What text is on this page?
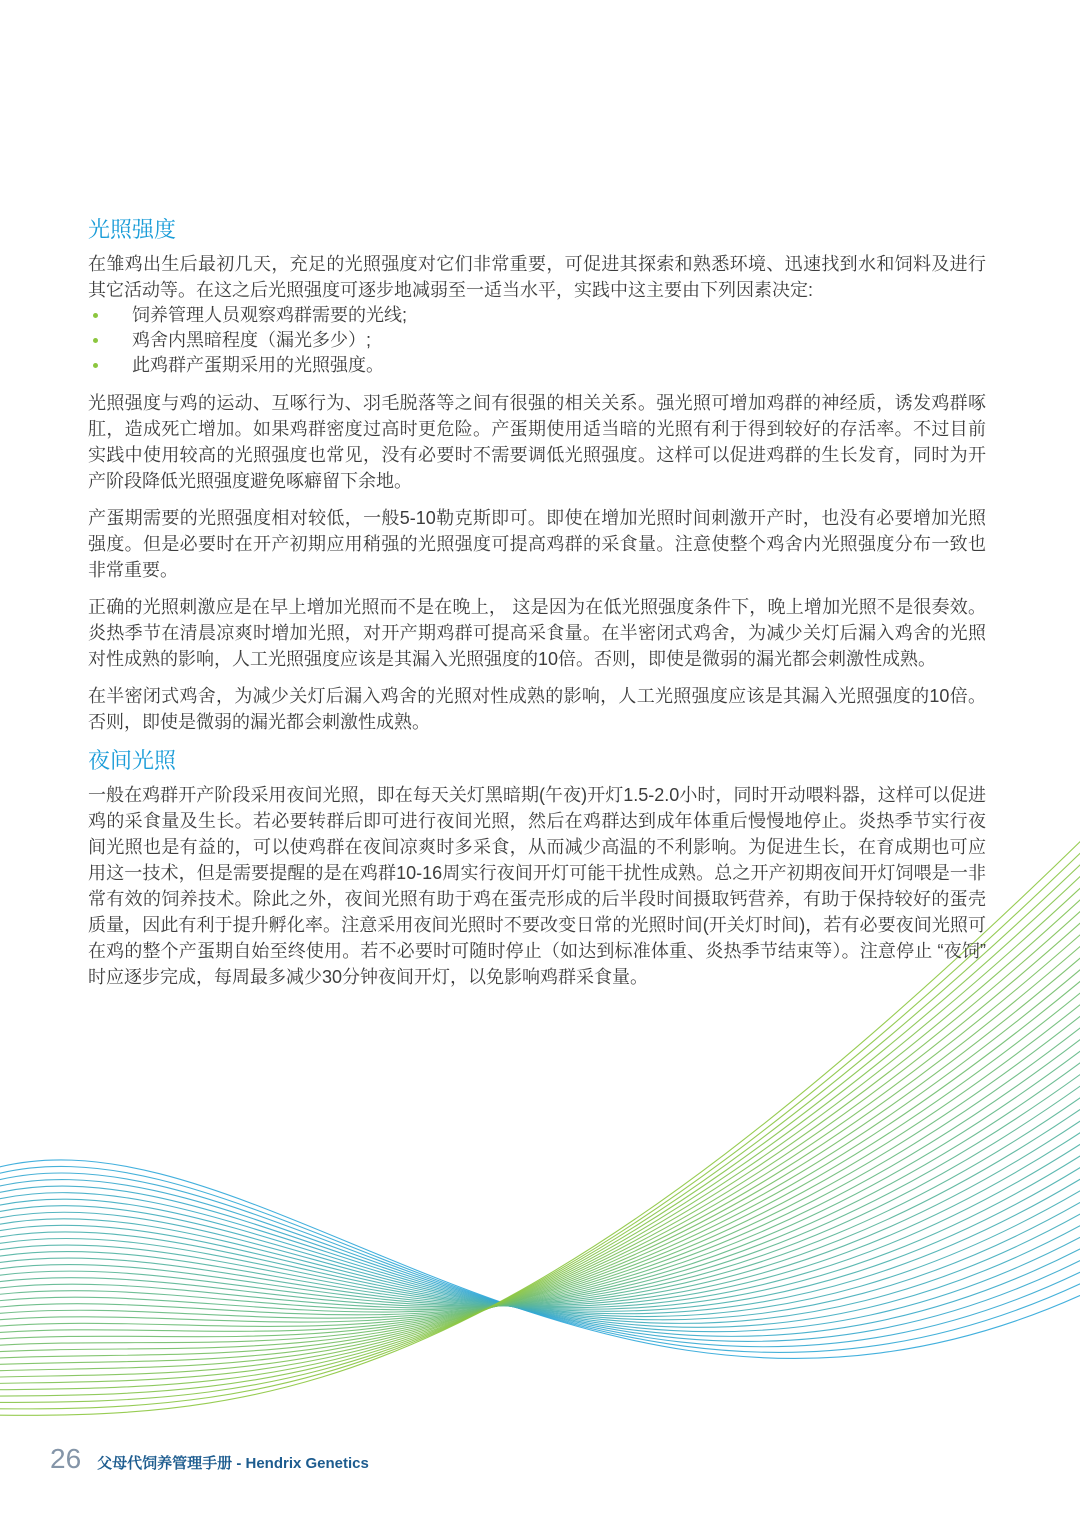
光照强度

在雏鸡出生后最初几天，充足的光照强度对它们非常重要，可促进其探索和熟悉环境、迅速找到水和饲料及进行其它活动等。在这之后光照强度可逐步地减弱至一适当水平，实践中这主要由下列因素决定:

饲养管理人员观察鸡群需要的光线;
鸡舍内黑暗程度（漏光多少）;
此鸡群产蛋期采用的光照强度。

光照强度与鸡的运动、互啄行为、羽毛脱落等之间有很强的相关关系。强光照可增加鸡群的神经质，诱发鸡群啄肛，造成死亡增加。如果鸡群密度过高时更危险。产蛋期使用适当暗的光照有利于得到较好的存活率。不过目前实践中使用较高的光照强度也常见，没有必要时不需要调低光照强度。这样可以促进鸡群的生长发育，同时为开产阶段降低光照强度避免啄癖留下余地。

产蛋期需要的光照强度相对较低，一般5-10勒克斯即可。即使在增加光照时间刺激开产时，也没有必要增加光照强度。但是必要时在开产初期应用稍强的光照强度可提高鸡群的采食量。注意使整个鸡舍内光照强度分布一致也非常重要。

正确的光照刺激应是在早上增加光照而不是在晚上， 这是因为在低光照强度条件下，晚上增加光照不是很奏效。炎热季节在清晨凉爽时增加光照，对开产期鸡群可提高采食量。在半密闭式鸡舍，为减少关灯后漏入鸡舍的光照对性成熟的影响，人工光照强度应该是其漏入光照强度的10倍。否则，即使是微弱的漏光都会刺激性成熟。

在半密闭式鸡舍，为减少关灯后漏入鸡舍的光照对性成熟的影响，人工光照强度应该是其漏入光照强度的10倍。否则，即使是微弱的漏光都会刺激性成熟。

夜间光照

一般在鸡群开产阶段采用夜间光照，即在每天关灯黑暗期(午夜)开灯1.5-2.0小时，同时开动喂料器，这样可以促进鸡的采食量及生长。若必要转群后即可进行夜间光照，然后在鸡群达到成年体重后慢慢地停止。炎热季节实行夜间光照也是有益的，可以使鸡群在夜间凉爽时多采食，从而减少高温的不利影响。为促进生长，在育成期也可应用这一技术，但是需要提醒的是在鸡群10-16周实行夜间开灯可能干扰性成熟。总之开产初期夜间开灯饲喂是一非常有效的饲养技术。除此之外，夜间光照有助于鸡在蛋壳形成的后半段时间摄取钙营养，有助于保持较好的蛋壳质量，因此有利于提升孵化率。注意采用夜间光照时不要改变日常的光照时间(开关灯时间)，若有必要夜间光照可在鸡的整个产蛋期自始至终使用。若不必要时可随时停止（如达到标准体重、炎热季节结束等）。注意停止 “夜饲” 时应逐步完成，每周最多减少30分钟夜间开灯，以免影响鸡群采食量。

26 父母代饲养管理手册 - Hendrix Genetics
